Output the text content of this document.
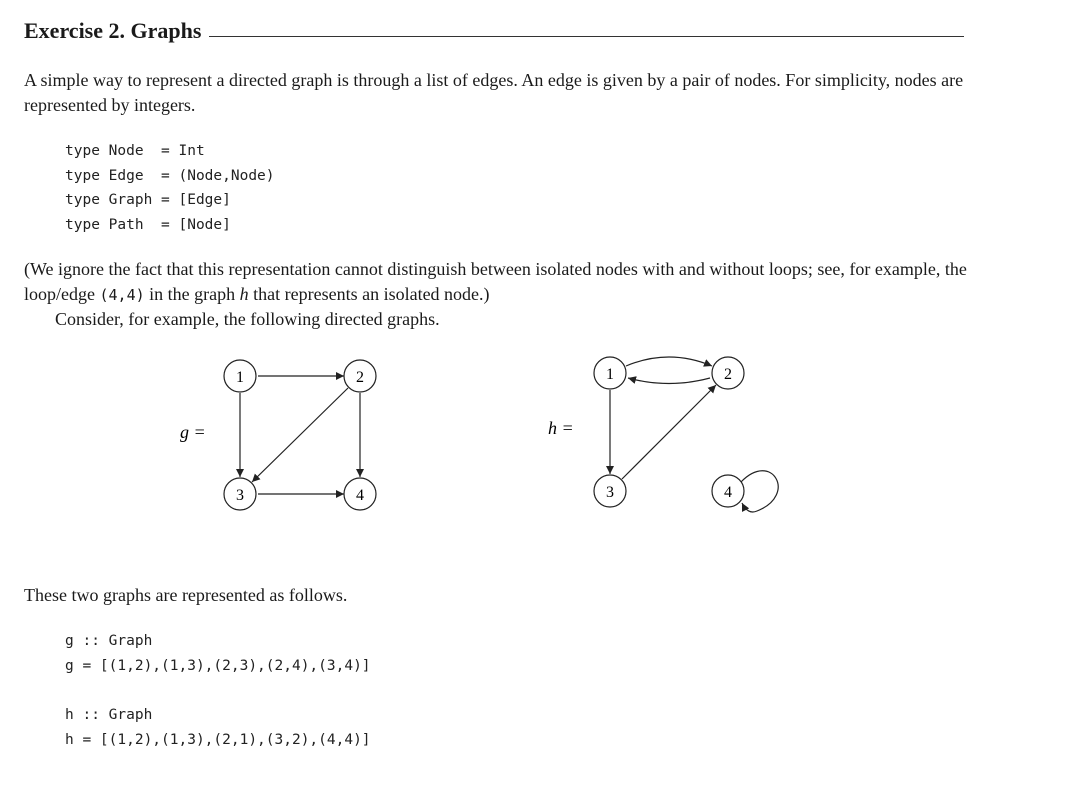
Exercise 2. Graphs

A simple way to represent a directed graph is through a list of edges. An edge is given by a pair of nodes. For simplicity, nodes are represented by integers.

type Node  = Int
type Edge  = (Node,Node)
type Graph = [Edge]
type Path  = [Node]

(We ignore the fact that this representation cannot distinguish between isolated nodes with and without loops; see, for example, the loop/edge (4,4) in the graph h that represents an isolated node.)

Consider, for example, the following directed graphs.

g =
1	2
3	4
h =
1	2
3	4

These two graphs are represented as follows.

g :: Graph
g = [(1,2),(1,3),(2,3),(2,4),(3,4)]
h :: Graph
h = [(1,2),(1,3),(2,1),(3,2),(4,4)]
